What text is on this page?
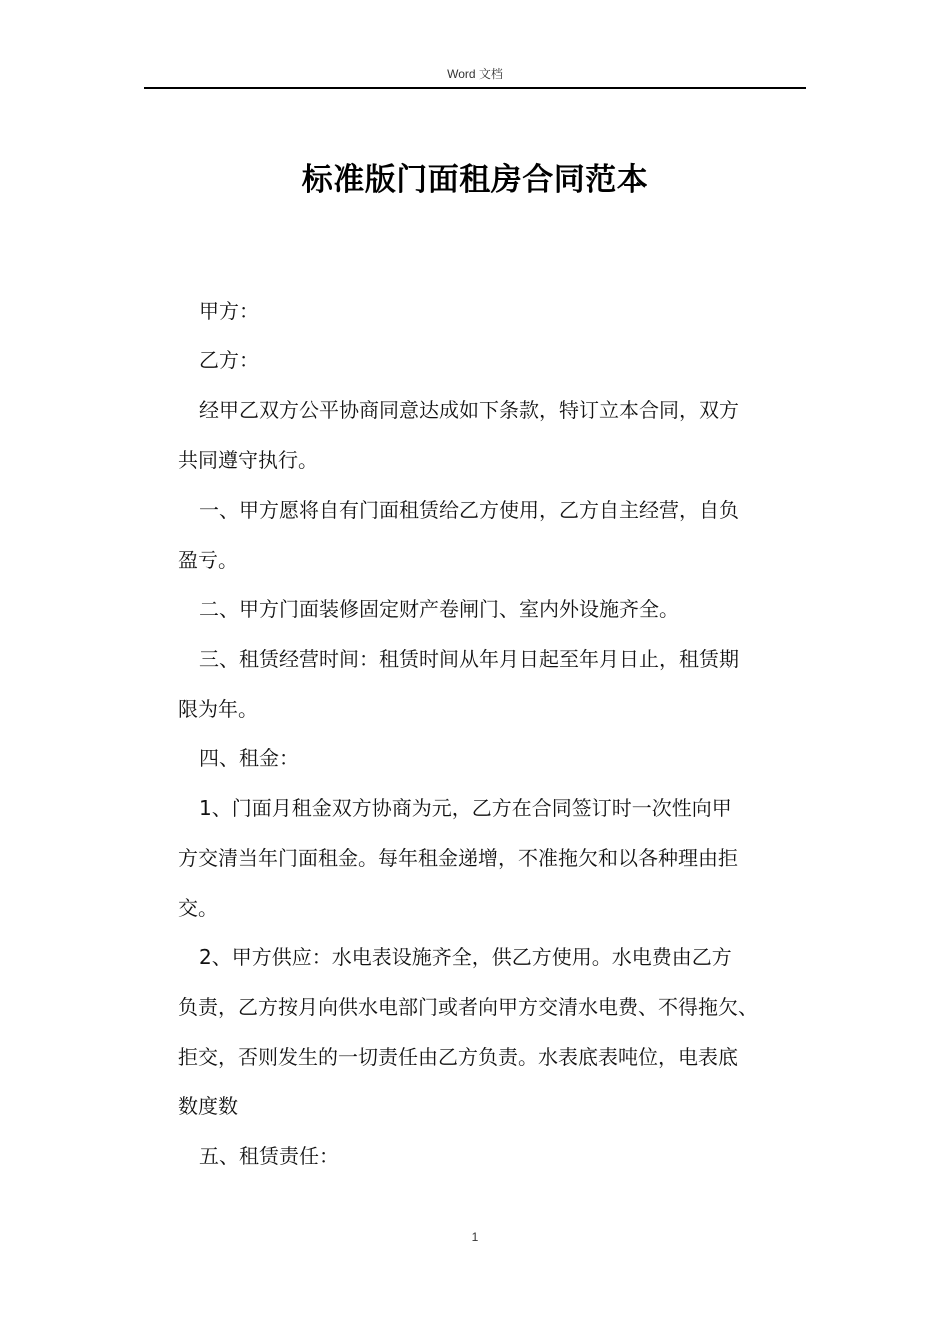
Word 文档
标准版门面租房合同范本
甲方：
乙方：
经甲乙双方公平协商同意达成如下条款，特订立本合同，双方
共同遵守执行。
一、甲方愿将自有门面租赁给乙方使用，乙方自主经营，自负
盈亏。
二、甲方门面装修固定财产卷闸门、室内外设施齐全。
三、租赁经营时间：租赁时间从年月日起至年月日止，租赁期
限为年。
四、租金：
1、门面月租金双方协商为元，乙方在合同签订时一次性向甲
方交清当年门面租金。每年租金递增，不准拖欠和以各种理由拒
交。
2、甲方供应：水电表设施齐全，供乙方使用。水电费由乙方
负责，乙方按月向供水电部门或者向甲方交清水电费、不得拖欠、
拒交，否则发生的一切责任由乙方负责。水表底表吨位，电表底
数度数
五、租赁责任：
1
